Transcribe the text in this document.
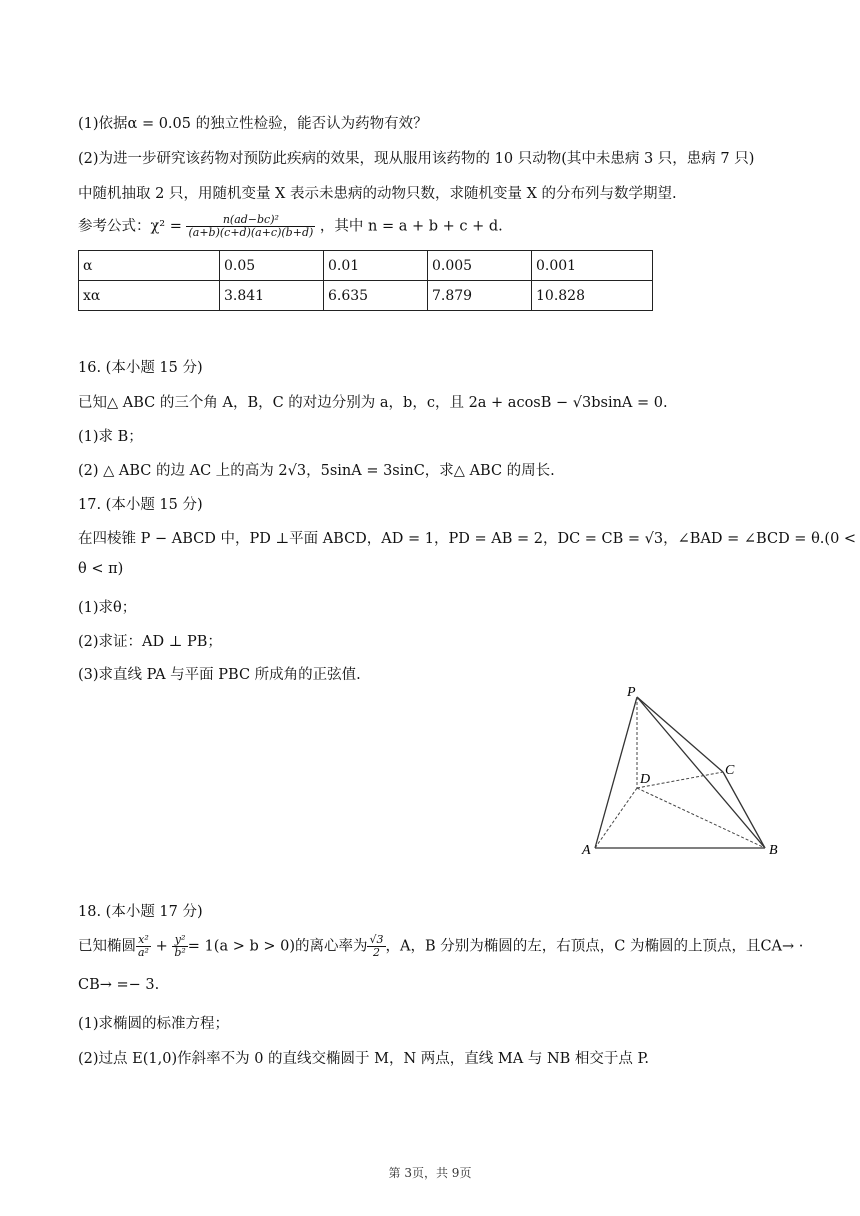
(1)依据α = 0.05 的独立性检验，能否认为药物有效？
(2)为进一步研究该药物对预防此疾病的效果，现从服用该药物的 10 只动物(其中未患病 3 只，患病 7 只)
中随机抽取 2 只，用随机变量 X 表示未患病的动物只数，求随机变量 X 的分布列与数学期望.
参考公式：$\chi^2 = \frac{\text{n(ad−bc)²}}{(a+b)(c+d)(a+c)(b+d)}$ ，其中 n = a + b + c + d.
α	0.05	0.01	0.005	0.001
xα	3.841	6.635	7.879	10.828
16. (本小题 15 分)
已知△ ABC 的三个角 A，B，C 的对边分别为 a，b，c，且 2a + acosB − √3bsinA = 0.
(1)求 B；
(2) △ ABC 的边 AC 上的高为 2√3，5sinA = 3sinC，求△ ABC 的周长.
17. (本小题 15 分)
在四棱锥 P − ABCD 中，PD ⊥平面 ABCD，AD = 1，PD = AB = 2，DC = CB = √3，∠BAD = ∠BCD = θ.(0 <
θ < π)
(1)求θ；
(2)求证：AD ⊥ PB；
(3)求直线 PA 与平面 PBC 所成角的正弦值.
P
A	B
C
D
18. (本小题 17 分)
已知椭圆 $\frac{\text{x²}}{\text{a²}} + \frac{\text{y²}}{\text{b²}} = 1(a > b > 0)$的离心率为 $\frac{√3}{2}$ ，A，B 分别为椭圆的左，右顶点，C 为椭圆的上顶点，且CA→ ·
CB→ =− 3.
(1)求椭圆的标准方程；
(2)过点 E(1,0)作斜率不为 0 的直线交椭圆于 M，N 两点，直线 MA 与 NB 相交于点 P.
第 3页，共 9页
